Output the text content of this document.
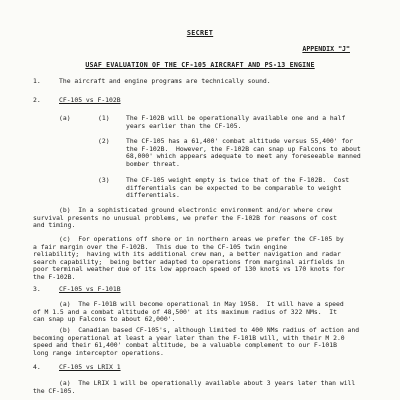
SECRET
APPENDIX "J"
USAF EVALUATION OF THE CF-105 AIRCRAFT AND PS-13 ENGINE
1.	The aircraft and engine programs are technically sound.
2.	CF-105 vs F-102B
(a)	(1)	The F-102B will be operationally available one and a half
years earlier than the CF-105.
(2)	The CF-105 has a 61,400' combat altitude versus 55,400' for
the F-102B.  However, the F-102B can snap up Falcons to about
68,000' which appears adequate to meet any foreseeable manned
bomber threat.
(3)	The CF-105 weight empty is twice that of the F-102B.  Cost
differentials can be expected to be comparable to weight
differentials.
(b)  In a sophisticated ground electronic environment and/or where crew
survival presents no unusual problems, we prefer the F-102B for reasons of cost
and timing.
(c)  For operations off shore or in northern areas we prefer the CF-105 by
a fair margin over the F-102B.  This due to the CF-105 twin engine
reliability;  having with its additional crew man, a better navigation and radar
search capability;  being better adapted to operations from marginal airfields in
poor terminal weather due of its low approach speed of 130 knots vs 170 knots for
the F-102B.
3.	CF-105 vs F-101B
(a)  The F-101B will become operational in May 1958.  It will have a speed
of M 1.5 and a combat altitude of 48,500' at its maximum radius of 322 NMs.  It
can snap up Falcons to about 62,000'.
(b)  Canadian based CF-105's, although limited to 400 NMs radius of action and
becoming operational at least a year later than the F-101B will, with their M 2.0
speed and their 61,400' combat altitude, be a valuable complement to our F-101B
long range interceptor operations.
4.	CF-105 vs LRIX 1
(a)  The LRIX 1 will be operationally available about 3 years later than will
the CF-105.
